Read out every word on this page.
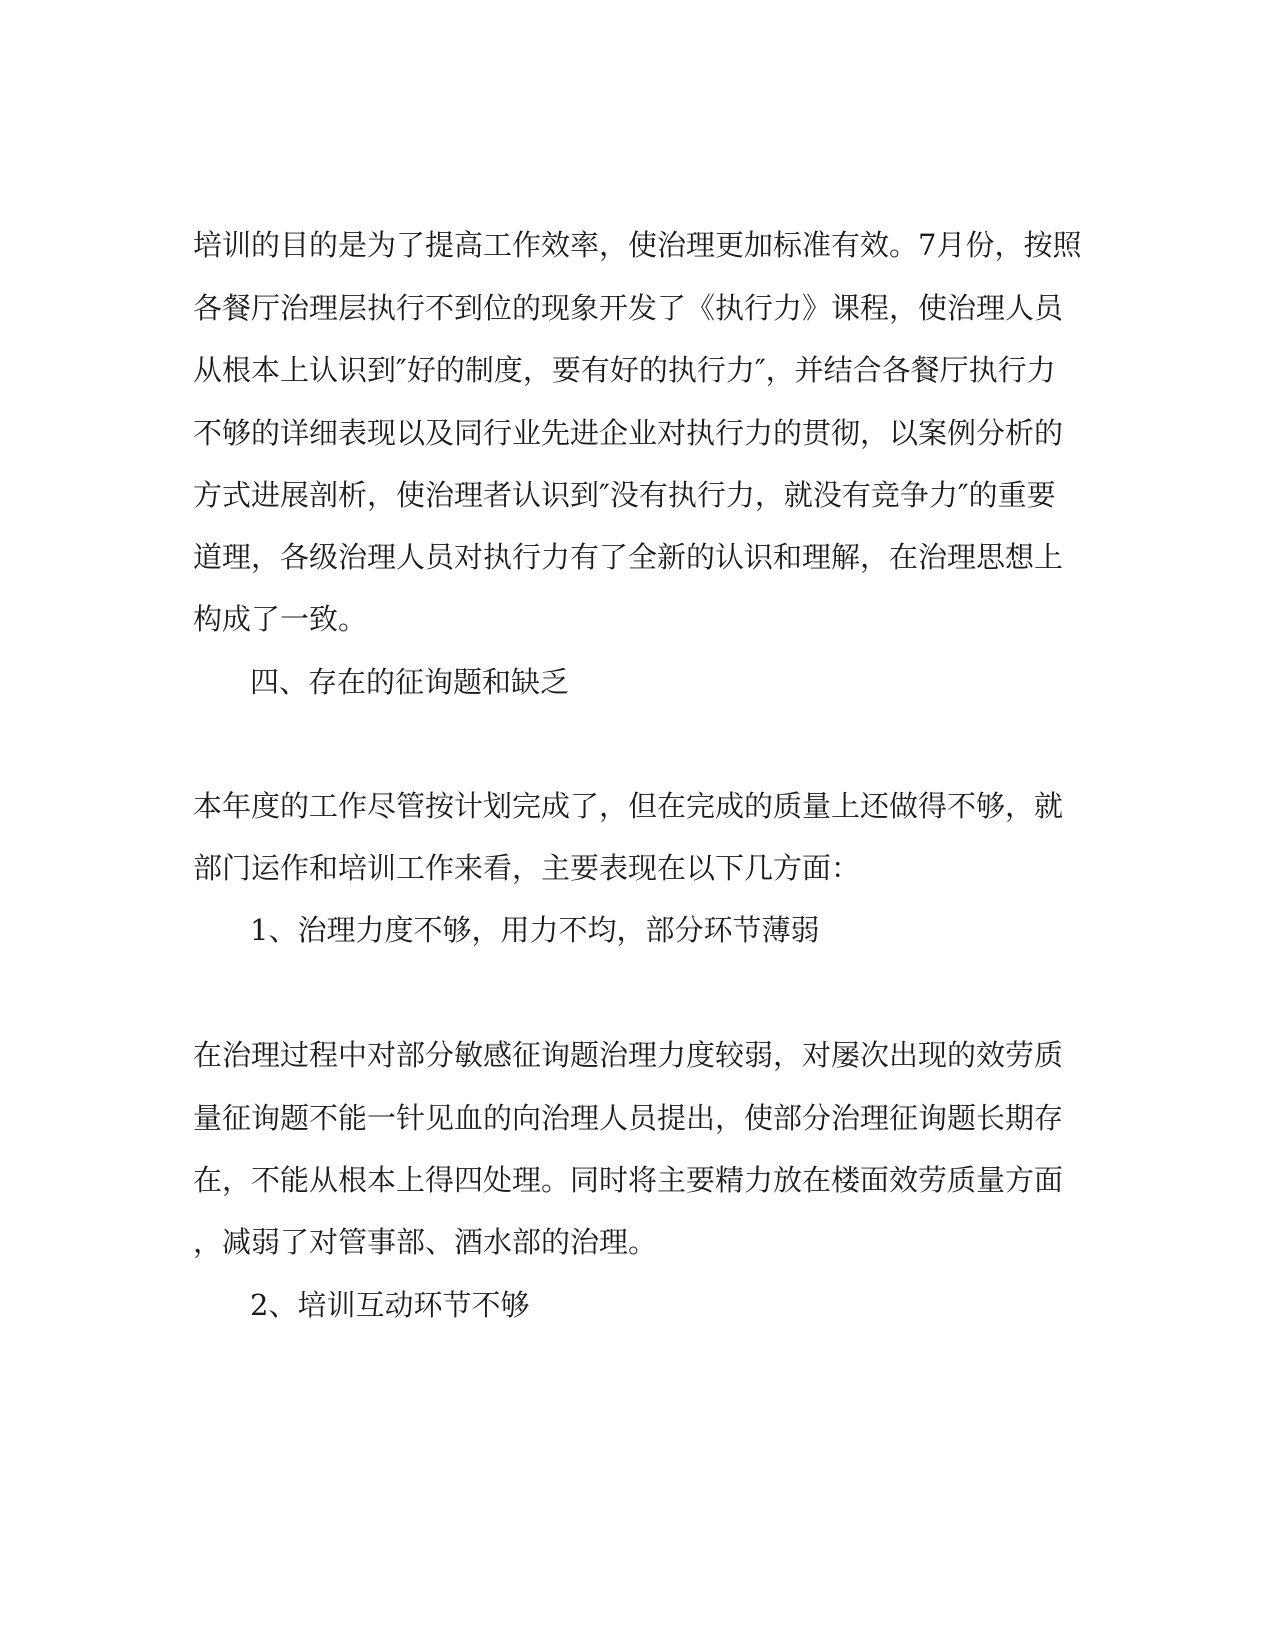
培训的目的是为了提高工作效率，使治理更加标准有效。7月份，按照
各餐厅治理层执行不到位的现象开发了《执行力》课程，使治理人员
从根本上认识到″好的制度，要有好的执行力″，并结合各餐厅执行力
不够的详细表现以及同行业先进企业对执行力的贯彻，以案例分析的
方式进展剖析，使治理者认识到″没有执行力，就没有竞争力″的重要
道理，各级治理人员对执行力有了全新的认识和理解，在治理思想上
构成了一致。
四、存在的征询题和缺乏
本年度的工作尽管按计划完成了，但在完成的质量上还做得不够，就
部门运作和培训工作来看，主要表现在以下几方面：
1、治理力度不够，用力不均，部分环节薄弱
在治理过程中对部分敏感征询题治理力度较弱，对屡次出现的效劳质
量征询题不能一针见血的向治理人员提出，使部分治理征询题长期存
在，不能从根本上得四处理。同时将主要精力放在楼面效劳质量方面
，减弱了对管事部、酒水部的治理。
2、培训互动环节不够
